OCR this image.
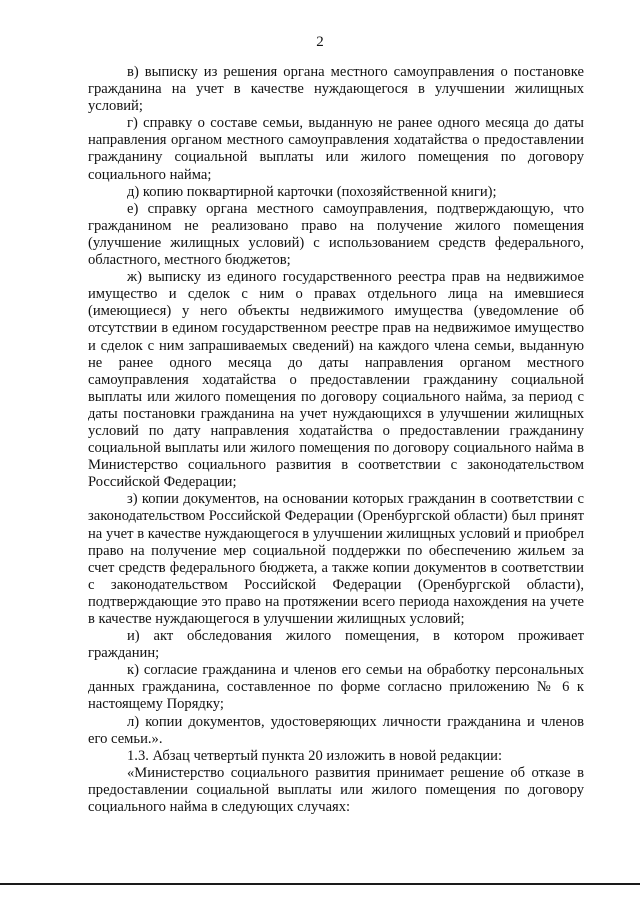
2

в) выписку из решения органа местного самоуправления о постановке гражданина на учет в качестве нуждающегося в улучшении жилищных условий;

г) справку о составе семьи, выданную не ранее одного месяца до даты направления органом местного самоуправления ходатайства о предоставлении гражданину социальной выплаты или жилого помещения по договору социального найма;

д) копию поквартирной карточки (похозяйственной книги);

е) справку органа местного самоуправления, подтверждающую, что гражданином не реализовано право на получение жилого помещения (улучшение жилищных условий) с использованием средств федерального, областного, местного бюджетов;

ж) выписку из единого государственного реестра прав на недвижимое имущество и сделок с ним о правах отдельного лица на имевшиеся (имеющиеся) у него объекты недвижимого имущества (уведомление об отсутствии в едином государственном реестре прав на недвижимое имущество и сделок с ним запрашиваемых сведений) на каждого члена семьи, выданную не ранее одного месяца до даты направления органом местного самоуправления ходатайства о предоставлении гражданину социальной выплаты или жилого помещения по договору социального найма, за период с даты постановки гражданина на учет нуждающихся в улучшении жилищных условий по дату направления ходатайства о предоставлении гражданину социальной выплаты или жилого помещения по договору социального найма в Министерство социального развития в соответствии с законодательством Российской Федерации;

з) копии документов, на основании которых гражданин в соответствии с законодательством Российской Федерации (Оренбургской области) был принят на учет в качестве нуждающегося в улучшении жилищных условий и приобрел право на получение мер социальной поддержки по обеспечению жильем за счет средств федерального бюджета, а также копии документов в соответствии с законодательством Российской Федерации (Оренбургской области), подтверждающие это право на протяжении всего периода нахождения на учете в качестве нуждающегося в улучшении жилищных условий;

и) акт обследования жилого помещения, в котором проживает гражданин;

к) согласие гражданина и членов его семьи на обработку персональных данных гражданина, составленное по форме согласно приложению № 6 к настоящему Порядку;

л) копии документов, удостоверяющих личности гражданина и членов его семьи.».

1.3. Абзац четвертый пункта 20 изложить в новой редакции:

«Министерство социального развития принимает решение об отказе в предоставлении социальной выплаты или жилого помещения по договору социального найма в следующих случаях:
